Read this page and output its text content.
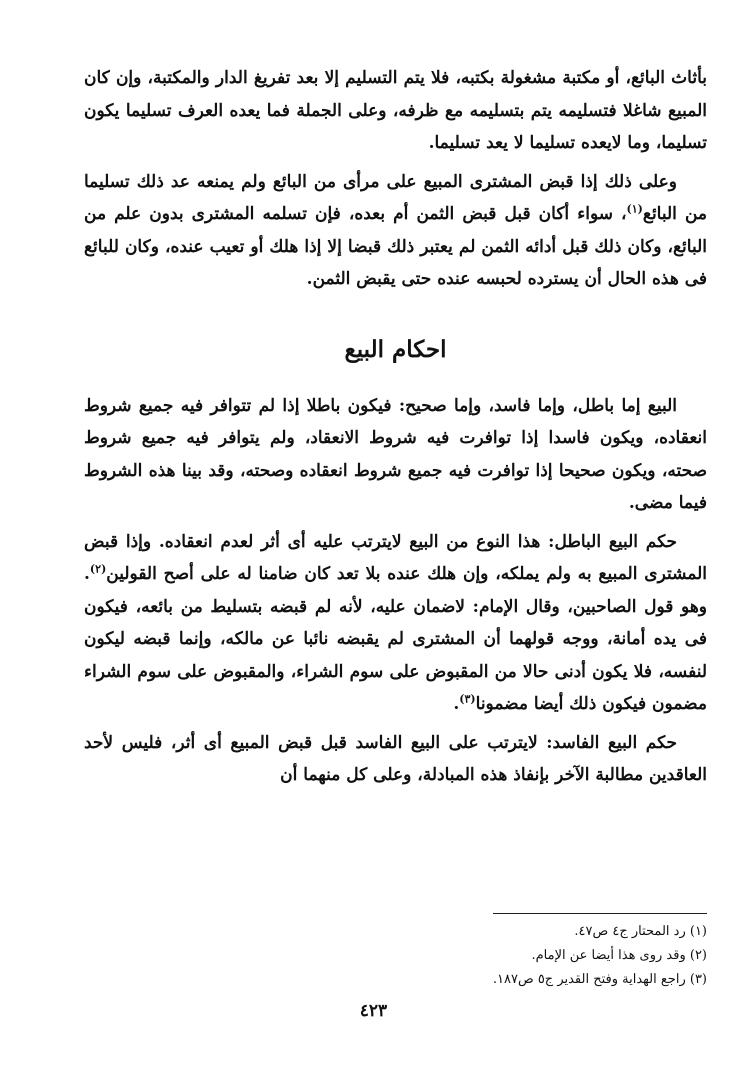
بأثاث البائع، أو مكتبة مشغولة بكتبه، فلا يتم التسليم إلا بعد تفريغ الدار والمكتبة، وإن كان المبيع شاغلا فتسليمه يتم بتسليمه مع ظرفه، وعلى الجملة فما يعده العرف تسليما يكون تسليما، وما لايعده تسليما لا يعد تسليما.

وعلى ذلك إذا قبض المشترى المبيع على مرأى من البائع ولم يمنعه عد ذلك تسليما من البائع$^{(١)}$، سواء أكان قبل قبض الثمن أم بعده، فإن تسلمه المشترى بدون علم من البائع، وكان ذلك قبل أدائه الثمن لم يعتبر ذلك قبضا إلا إذا هلك أو تعيب عنده، وكان للبائع فى هذه الحال أن يسترده لحبسه عنده حتى يقبض الثمن.

احكام البيع

البيع إما باطل، وإما فاسد، وإما صحيح: فيكون باطلا إذا لم تتوافر فيه جميع شروط انعقاده، ويكون فاسدا إذا توافرت فيه شروط الانعقاد، ولم يتوافر فيه جميع شروط صحته، ويكون صحيحا إذا توافرت فيه جميع شروط انعقاده وصحته، وقد بينا هذه الشروط فيما مضى.

حكم البيع الباطل: هذا النوع من البيع لايترتب عليه أى أثر لعدم انعقاده. وإذا قبض المشترى المبيع به ولم يملكه، وإن هلك عنده بلا تعد كان ضامنا له على أصح القولين$^{(٢)}$. وهو قول الصاحبين، وقال الإمام: لاضمان عليه، لأنه لم قبضه بتسليط من بائعه، فيكون فى يده أمانة، ووجه قولهما أن المشترى لم يقبضه نائبا عن مالكه، وإنما قبضه ليكون لنفسه، فلا يكون أدنى حالا من المقبوض على سوم الشراء، والمقبوض على سوم الشراء مضمون فيكون ذلك أيضا مضمونا$^{(٣)}$.

حكم البيع الفاسد: لايترتب على البيع الفاسد قبل قبض المبيع أى أثر، فليس لأحد العاقدين مطالبة الآخر بإنفاذ هذه المبادلة، وعلى كل منهما أن

(١) رد المحتار ج٤ ص٤٧.
(٢) وقد روى هذا أيضا عن الإمام.
(٣) راجع الهداية وفتح القدير ج٥ ص١٨٧.
٤٢٣
